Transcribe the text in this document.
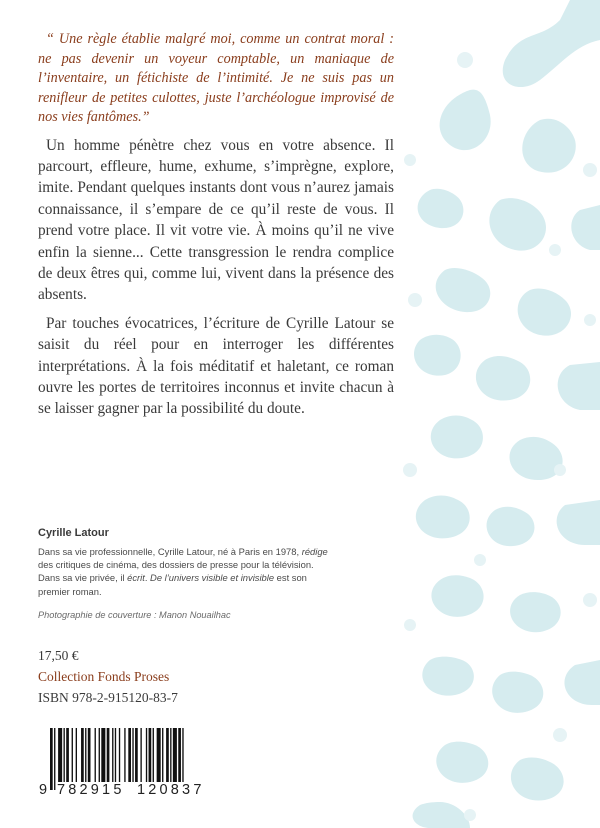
“ Une règle établie malgré moi, comme un contrat moral : ne pas devenir un voyeur comptable, un maniaque de l’inventaire, un fétichiste de l’intimité. Je ne suis pas un renifleur de petites culottes, juste l’archéologue improvisé de nos vies fantômes.”

Un homme pénètre chez vous en votre absence. Il parcourt, effleure, hume, exhume, s’imprègne, explore, imite. Pendant quelques instants dont vous n’aurez jamais connaissance, il s’empare de ce qu’il reste de vous. Il prend votre place. Il vit votre vie. À moins qu’il ne vive enfin la sienne... Cette transgression le rendra complice de deux êtres qui, comme lui, vivent dans la présence des absents.

Par touches évocatrices, l’écriture de Cyrille Latour se saisit du réel pour en interroger les différentes interprétations. À la fois méditatif et haletant, ce roman ouvre les portes de territoires inconnus et invite chacun à se laisser gagner par la possibilité du doute.

Cyrille Latour

Dans sa vie professionnelle, Cyrille Latour, né à Paris en 1978, rédige des critiques de cinéma, des dossiers de presse pour la télévision. Dans sa vie privée, il écrit. De l’univers visible et invisible est son premier roman.

Photographie de couverture : Manon Nouailhac

17,50 €

Collection Fonds Proses

ISBN 978-2-915120-83-7

9 782915 120837
